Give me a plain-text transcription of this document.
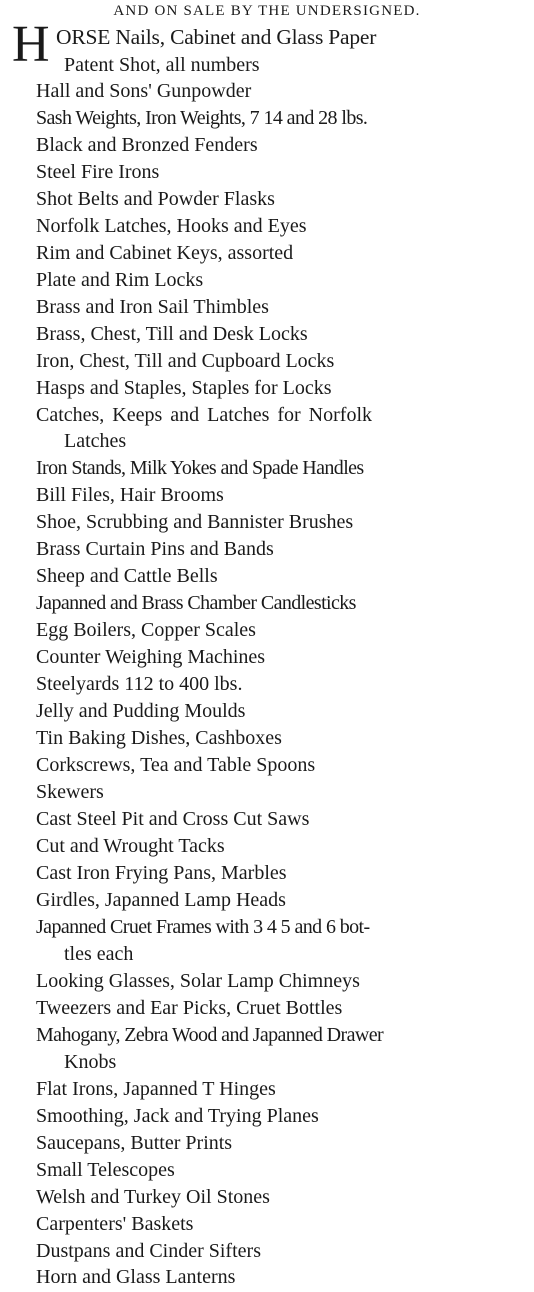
AND ON SALE BY THE UNDERSIGNED.
H ORSE Nails, Cabinet and Glass Paper
Patent Shot, all numbers
Hall and Sons' Gunpowder
Sash Weights, Iron Weights, 7 14 and 28 lbs.
Black and Bronzed Fenders
Steel Fire Irons
Shot Belts and Powder Flasks
Norfolk Latches, Hooks and Eyes
Rim and Cabinet Keys, assorted
Plate and Rim Locks
Brass and Iron Sail Thimbles
Brass, Chest, Till and Desk Locks
Iron, Chest, Till and Cupboard Locks
Hasps and Staples, Staples for Locks
Catches, Keeps and Latches for Norfolk
Latches
Iron Stands, Milk Yokes and Spade Handles
Bill Files, Hair Brooms
Shoe, Scrubbing and Bannister Brushes
Brass Curtain Pins and Bands
Sheep and Cattle Bells
Japanned and Brass Chamber Candlesticks
Egg Boilers, Copper Scales
Counter Weighing Machines
Steelyards 112 to 400 lbs.
Jelly and Pudding Moulds
Tin Baking Dishes, Cashboxes
Corkscrews, Tea and Table Spoons
Skewers
Cast Steel Pit and Cross Cut Saws
Cut and Wrought Tacks
Cast Iron Frying Pans, Marbles
Girdles, Japanned Lamp Heads
Japanned Cruet Frames with 3 4 5 and 6 bot-
tles each
Looking Glasses, Solar Lamp Chimneys
Tweezers and Ear Picks, Cruet Bottles
Mahogany, Zebra Wood and Japanned Drawer
Knobs
Flat Irons, Japanned T Hinges
Smoothing, Jack and Trying Planes
Saucepans, Butter Prints
Small Telescopes
Welsh and Turkey Oil Stones
Carpenters' Baskets
Dustpans and Cinder Sifters
Horn and Glass Lanterns
